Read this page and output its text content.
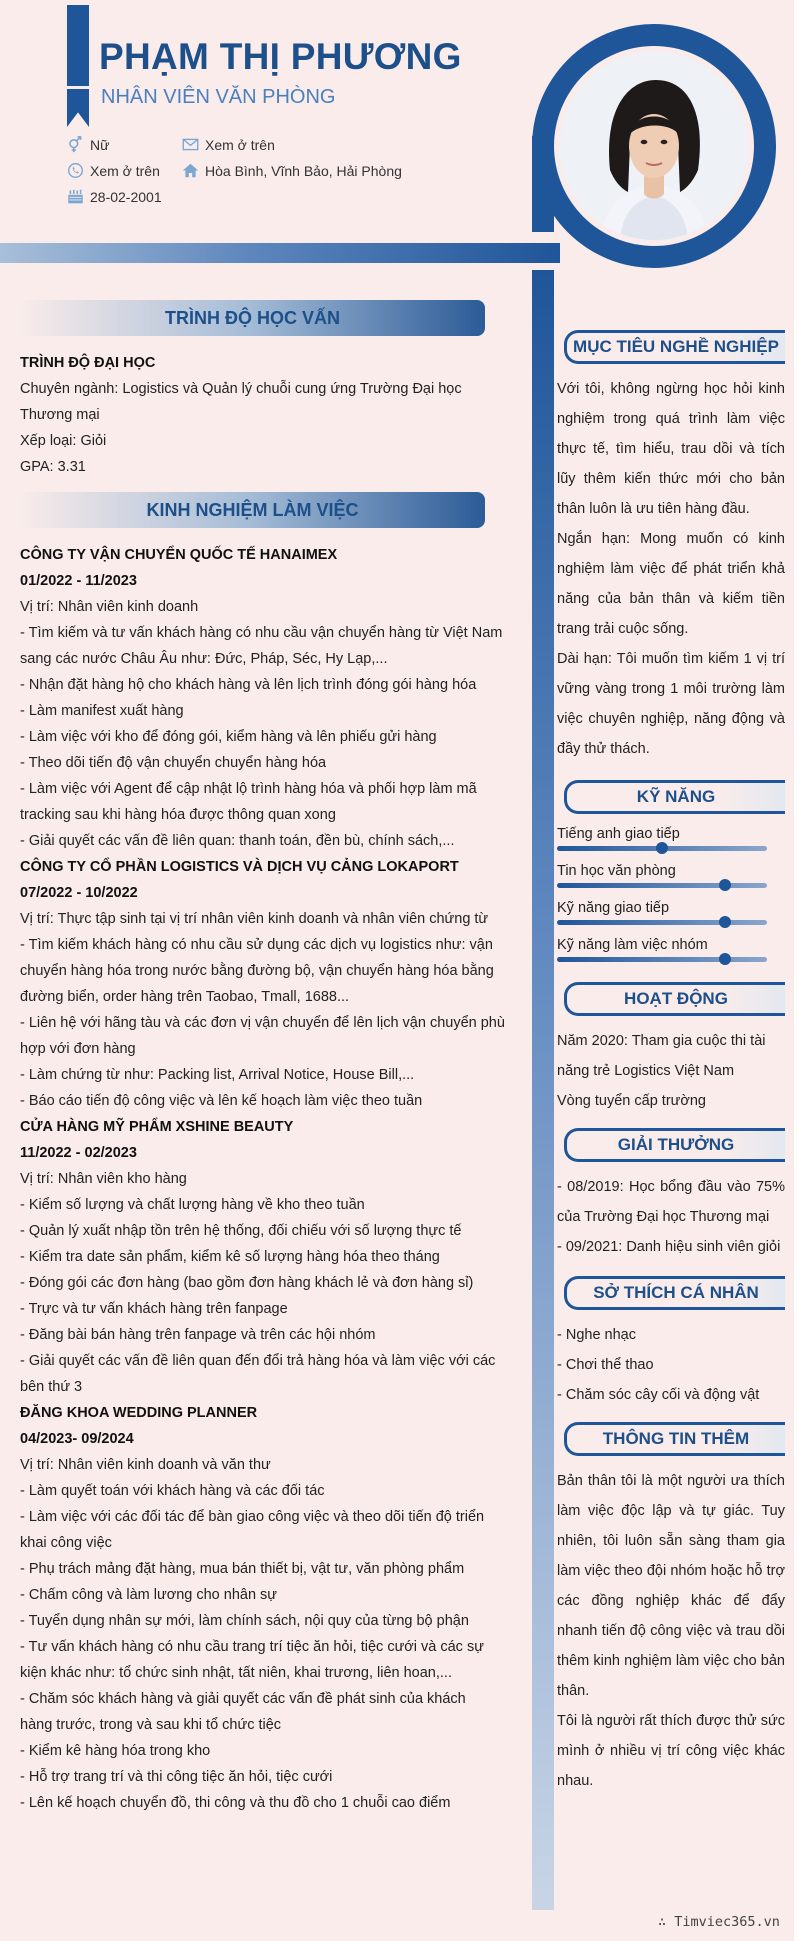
PHẠM THỊ PHƯƠNG
NHÂN VIÊN VĂN PHÒNG
Nữ	Xem ở trên
Xem ở trên	Hòa Bình, Vĩnh Bảo, Hải Phòng
28-02-2001
TRÌNH ĐỘ HỌC VẤN

TRÌNH ĐỘ ĐẠI HỌC

Chuyên ngành: Logistics và Quản lý chuỗi cung ứng Trường Đại học

Thương mại

Xếp loại: Giỏi

GPA: 3.31

KINH NGHIỆM LÀM VIỆC

CÔNG TY VẬN CHUYỂN QUỐC TẾ HANAIMEX

01/2022 - 11/2023

Vị trí: Nhân viên kinh doanh

- Tìm kiếm và tư vấn khách hàng có nhu cầu vận chuyển hàng từ Việt Nam

sang các nước Châu Âu như: Đức, Pháp, Séc, Hy Lạp,...

- Nhận đặt hàng hộ cho khách hàng và lên lịch trình đóng gói hàng hóa

- Làm manifest xuất hàng

- Làm việc với kho để đóng gói, kiểm hàng và lên phiếu gửi hàng

- Theo dõi tiến độ vận chuyển chuyển hàng hóa

- Làm việc với Agent để cập nhật lộ trình hàng hóa và phối hợp làm mã

tracking sau khi hàng hóa được thông quan xong

- Giải quyết các vấn đề liên quan: thanh toán, đền bù, chính sách,...

CÔNG TY CỔ PHẦN LOGISTICS VÀ DỊCH VỤ CẢNG LOKAPORT

07/2022 - 10/2022

Vị trí: Thực tập sinh tại vị trí nhân viên kinh doanh và nhân viên chứng từ

- Tìm kiếm khách hàng có nhu cầu sử dụng các dịch vụ logistics như: vận

chuyển hàng hóa trong nước bằng đường bộ, vận chuyển hàng hóa bằng

đường biển, order hàng trên Taobao, Tmall, 1688...

- Liên hệ với hãng tàu và các đơn vị vận chuyển để lên lịch vận chuyển phù

hợp với đơn hàng

- Làm chứng từ như: Packing list, Arrival Notice, House Bill,...

- Báo cáo tiến độ công việc và lên kế hoạch làm việc theo tuần

CỬA HÀNG MỸ PHẨM XSHINE BEAUTY

11/2022 - 02/2023

Vị trí: Nhân viên kho hàng

- Kiểm số lượng và chất lượng hàng về kho theo tuần

- Quản lý xuất nhập tồn trên hệ thống, đối chiếu với số lượng thực tế

- Kiểm tra date sản phẩm, kiểm kê số lượng hàng hóa theo tháng

- Đóng gói các đơn hàng (bao gồm đơn hàng khách lẻ và đơn hàng sỉ)

- Trực và tư vấn khách hàng trên fanpage

- Đăng bài bán hàng trên fanpage và trên các hội nhóm

- Giải quyết các vấn đề liên quan đến đổi trả hàng hóa và làm việc với các

bên thứ 3

ĐĂNG KHOA WEDDING PLANNER

04/2023- 09/2024

Vị trí: Nhân viên kinh doanh và văn thư

- Làm quyết toán với khách hàng và các đối tác

- Làm việc với các đối tác để bàn giao công việc và theo dõi tiến độ triển

khai công việc

- Phụ trách mảng đặt hàng, mua bán thiết bị, vật tư, văn phòng phẩm

- Chấm công và làm lương cho nhân sự

- Tuyển dụng nhân sự mới, làm chính sách, nội quy của từng bộ phận

- Tư vấn khách hàng có nhu cầu trang trí tiệc ăn hỏi, tiệc cưới và các sự

kiện khác như: tổ chức sinh nhật, tất niên, khai trương, liên hoan,...

- Chăm sóc khách hàng và giải quyết các vấn đề phát sinh của khách

hàng trước, trong và sau khi tổ chức tiệc

- Kiểm kê hàng hóa trong kho

- Hỗ trợ trang trí và thi công tiệc ăn hỏi, tiệc cưới

- Lên kế hoạch chuyển đồ, thi công và thu đồ cho 1 chuỗi cao điểm

MỤC TIÊU NGHỀ NGHIỆP

Với tôi, không ngừng học hỏi kinh nghiệm trong quá trình làm việc thực tế, tìm hiểu, trau dồi và tích lũy thêm kiến thức mới cho bản thân luôn là ưu tiên hàng đầu.

Ngắn hạn: Mong muốn có kinh nghiệm làm việc để phát triển khả năng của bản thân và kiếm tiền trang trải cuộc sống.

Dài hạn: Tôi muốn tìm kiếm 1 vị trí vững vàng trong 1 môi trường làm việc chuyên nghiệp, năng động và đầy thử thách.

KỸ NĂNG
Tiếng anh giao tiếp
Tin học văn phòng
Kỹ năng giao tiếp
Kỹ năng làm việc nhóm
HOẠT ĐỘNG

Năm 2020: Tham gia cuộc thi tài

năng trẻ Logistics Việt Nam

Vòng tuyển cấp trường

GIẢI THƯỞNG

- 08/2019: Học bổng đầu vào 75% của Trường Đại học Thương mại

- 09/2021: Danh hiệu sinh viên giỏi

SỞ THÍCH CÁ NHÂN

- Nghe nhạc

- Chơi thể thao

- Chăm sóc cây cối và động vật

THÔNG TIN THÊM

Bản thân tôi là một người ưa thích làm việc độc lập và tự giác. Tuy nhiên, tôi luôn sẵn sàng tham gia làm việc theo đội nhóm hoặc hỗ trợ các đồng nghiệp khác để đẩy nhanh tiến độ công việc và trau dồi thêm kinh nghiệm làm việc cho bản thân.

Tôi là người rất thích được thử sức mình ở nhiều vị trí công việc khác nhau.

∴ Timviec365.vn
